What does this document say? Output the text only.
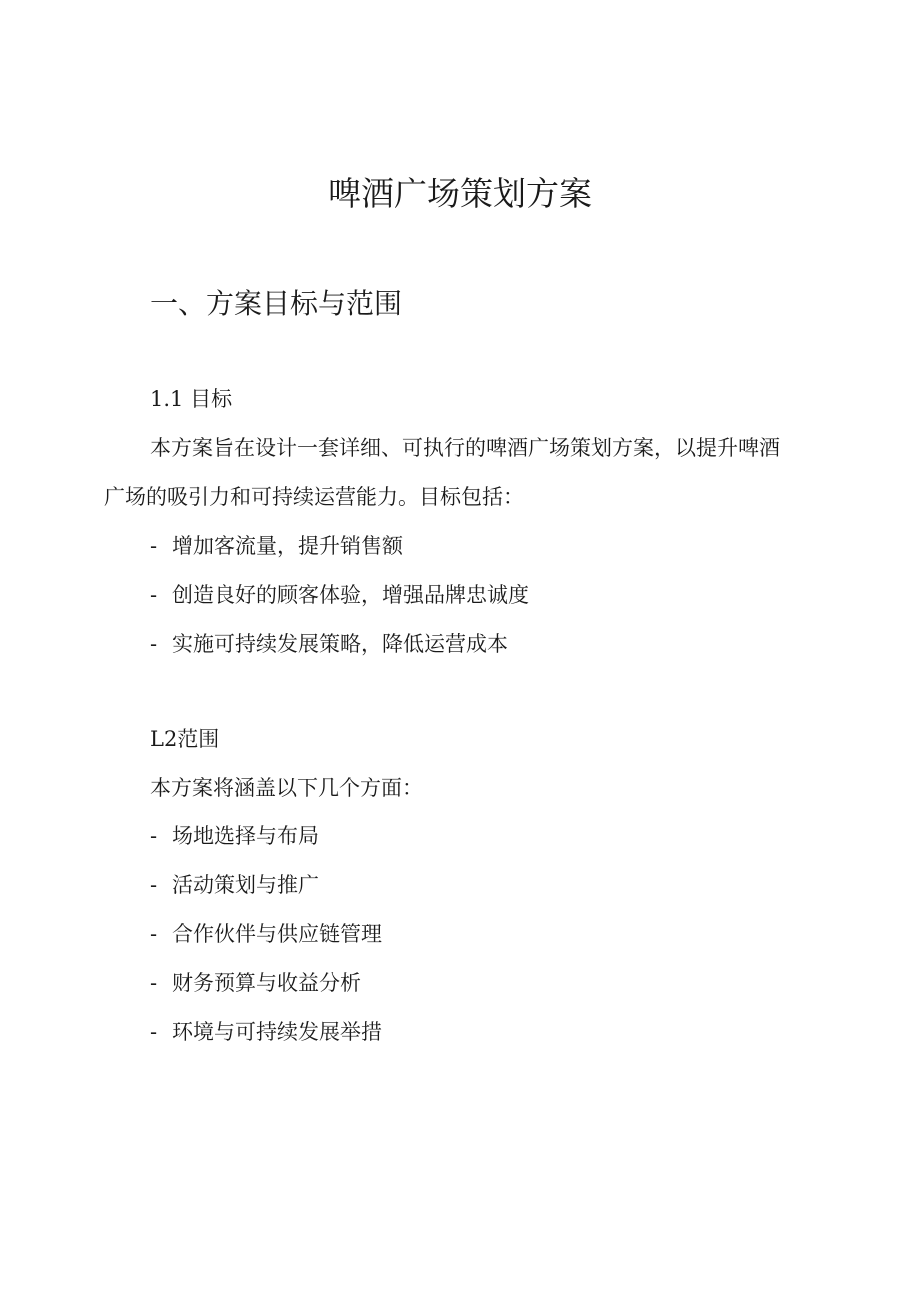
啤酒广场策划方案
一、方案目标与范围
1.1 目标
本方案旨在设计一套详细、可执行的啤酒广场策划方案，以提升啤酒
广场的吸引力和可持续运营能力。目标包括：
- 增加客流量，提升销售额
- 创造良好的顾客体验，增强品牌忠诚度
- 实施可持续发展策略，降低运营成本
L2范围
本方案将涵盖以下几个方面：
- 场地选择与布局
- 活动策划与推广
- 合作伙伴与供应链管理
- 财务预算与收益分析
- 环境与可持续发展举措
